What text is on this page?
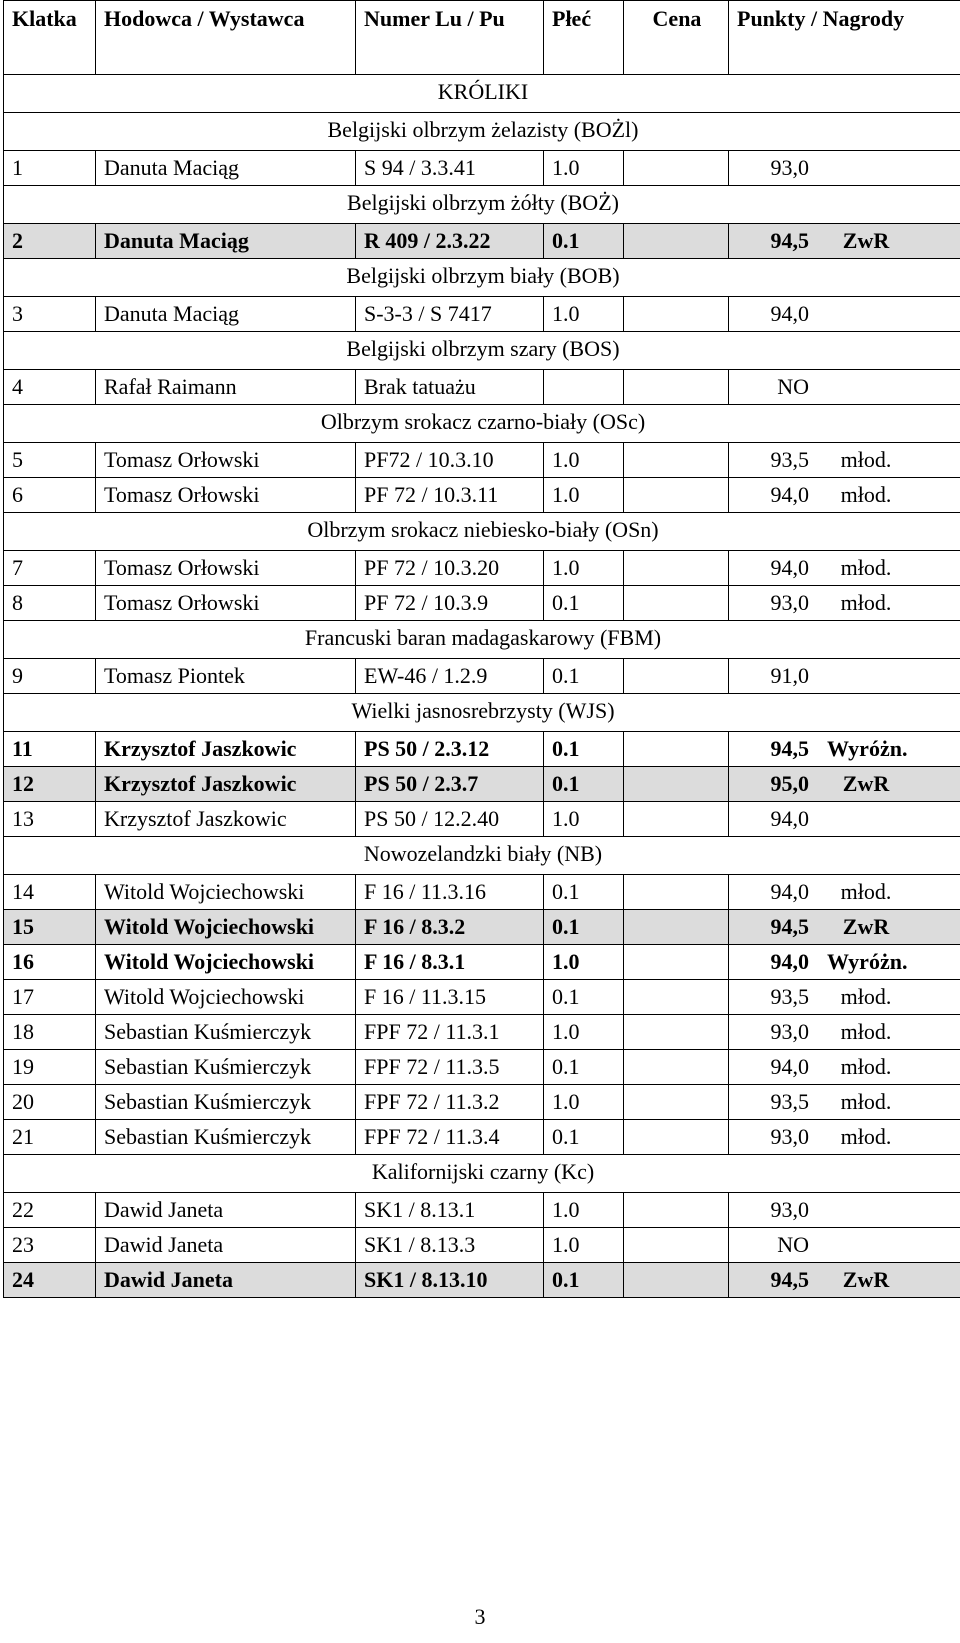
Klatka	Hodowca / Wystawca	Numer Lu / Pu	Płeć	Cena	Punkty / Nagrody
KRÓLIKI					
Belgijski olbrzym żelazisty (BOŻl)					
1	Danuta Maciąg	S 94 / 3.3.41	1.0		93,0
Belgijski olbrzym żółty (BOŻ)					
2	Danuta Maciąg	R 409 / 2.3.22	0.1		94,5 ZwR
Belgijski olbrzym biały (BOB)					
3	Danuta Maciąg	S-3-3 / S 7417	1.0		94,0
Belgijski olbrzym szary (BOS)					
4	Rafał Raimann	Brak tatuażu			NO
Olbrzym srokacz czarno-biały (OSc)					
5	Tomasz Orłowski	PF72 / 10.3.10	1.0		93,5 młod.
6	Tomasz Orłowski	PF 72 / 10.3.11	1.0		94,0 młod.
Olbrzym srokacz niebiesko-biały (OSn)					
7	Tomasz Orłowski	PF 72 / 10.3.20	1.0		94,0 młod.
8	Tomasz Orłowski	PF 72 / 10.3.9	0.1		93,0 młod.
Francuski baran madagaskarowy (FBM)					
9	Tomasz Piontek	EW-46 / 1.2.9	0.1		91,0
Wielki jasnosrebrzysty (WJS)					
11	Krzysztof Jaszkowic	PS 50 / 2.3.12	0.1		94,5 Wyróżn.
12	Krzysztof Jaszkowic	PS 50 / 2.3.7	0.1		95,0 ZwR
13	Krzysztof Jaszkowic	PS 50 / 12.2.40	1.0		94,0
Nowozelandzki biały (NB)					
14	Witold Wojciechowski	F 16 / 11.3.16	0.1		94,0 młod.
15	Witold Wojciechowski	F 16 / 8.3.2	0.1		94,5 ZwR
16	Witold Wojciechowski	F 16 / 8.3.1	1.0		94,0 Wyróżn.
17	Witold Wojciechowski	F 16 / 11.3.15	0.1		93,5 młod.
18	Sebastian Kuśmierczyk	FPF 72 / 11.3.1	1.0		93,0 młod.
19	Sebastian Kuśmierczyk	FPF 72 / 11.3.5	0.1		94,0 młod.
20	Sebastian Kuśmierczyk	FPF 72 / 11.3.2	1.0		93,5 młod.
21	Sebastian Kuśmierczyk	FPF 72 / 11.3.4	0.1		93,0 młod.
Kalifornijski czarny (Kc)					
22	Dawid Janeta	SK1 / 8.13.1	1.0		93,0
23	Dawid Janeta	SK1 / 8.13.3	1.0		NO
24	Dawid Janeta	SK1 / 8.13.10	0.1		94,5 ZwR
3
